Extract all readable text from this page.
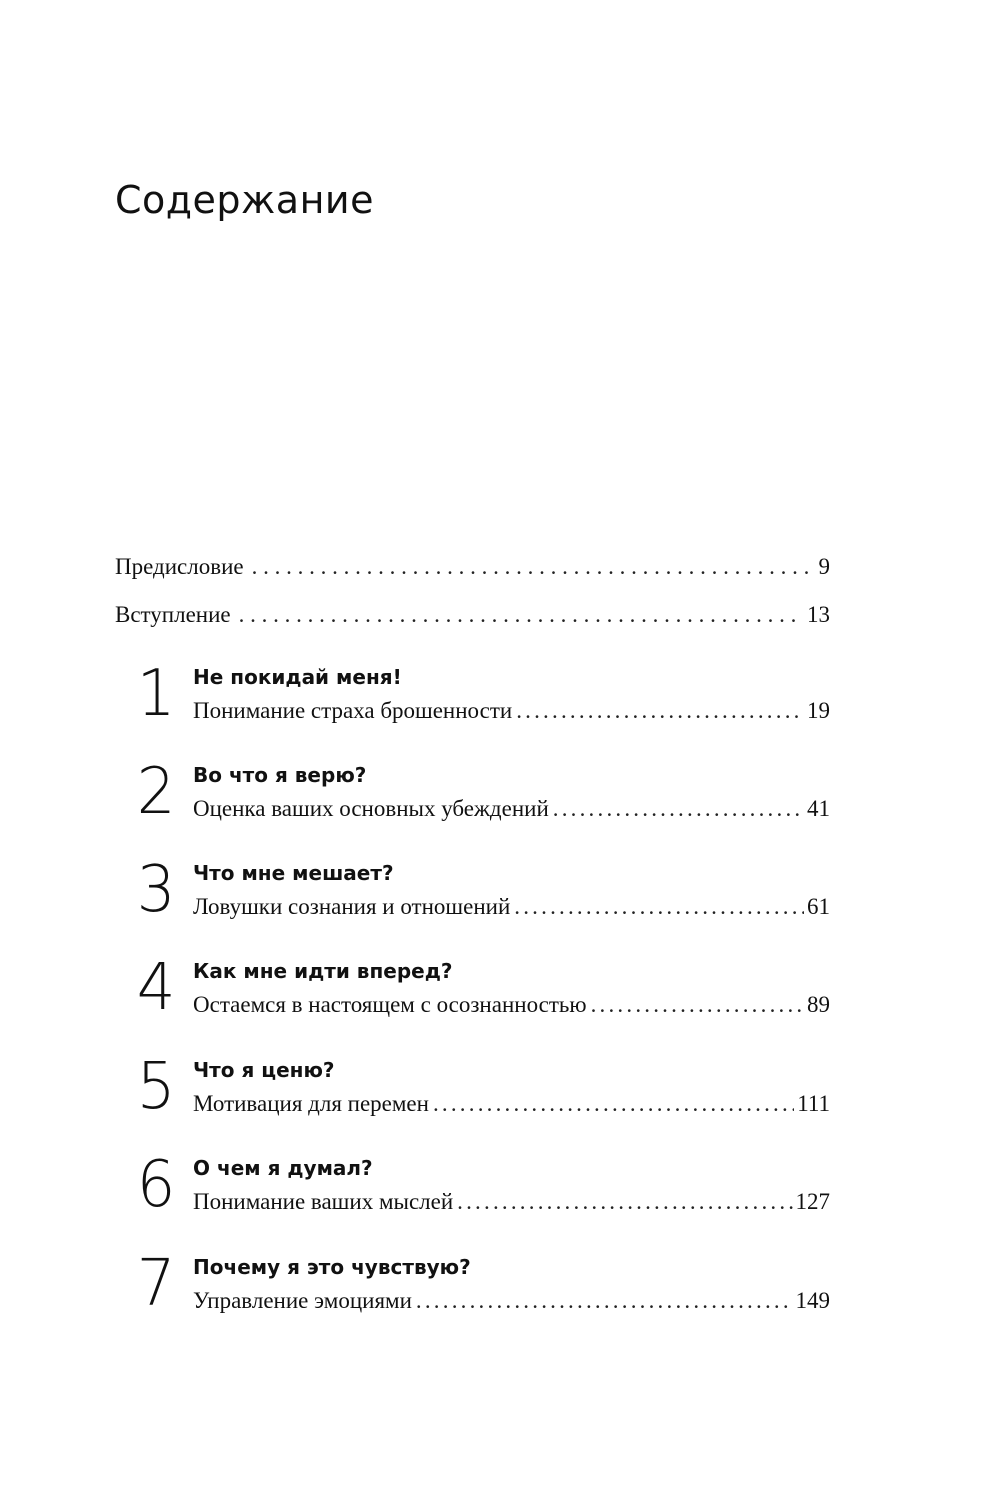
Содержание
Предисловие . . .	9
Вступление . . .	13
1 Не покидай меня!
Понимание страха брошенности .....	19
2 Во что я верю?
Оценка ваших основных убеждений .....	41
3 Что мне мешает?
Ловушки сознания и отношений .....	61
4 Как мне идти вперед?
Остаемся в настоящем с осознанностью .....	89
5 Что я ценю?
Мотивация для перемен .....	111
6 О чем я думал?
Понимание ваших мыслей .....	127
7 Почему я это чувствую?
Управление эмоциями .....	149
